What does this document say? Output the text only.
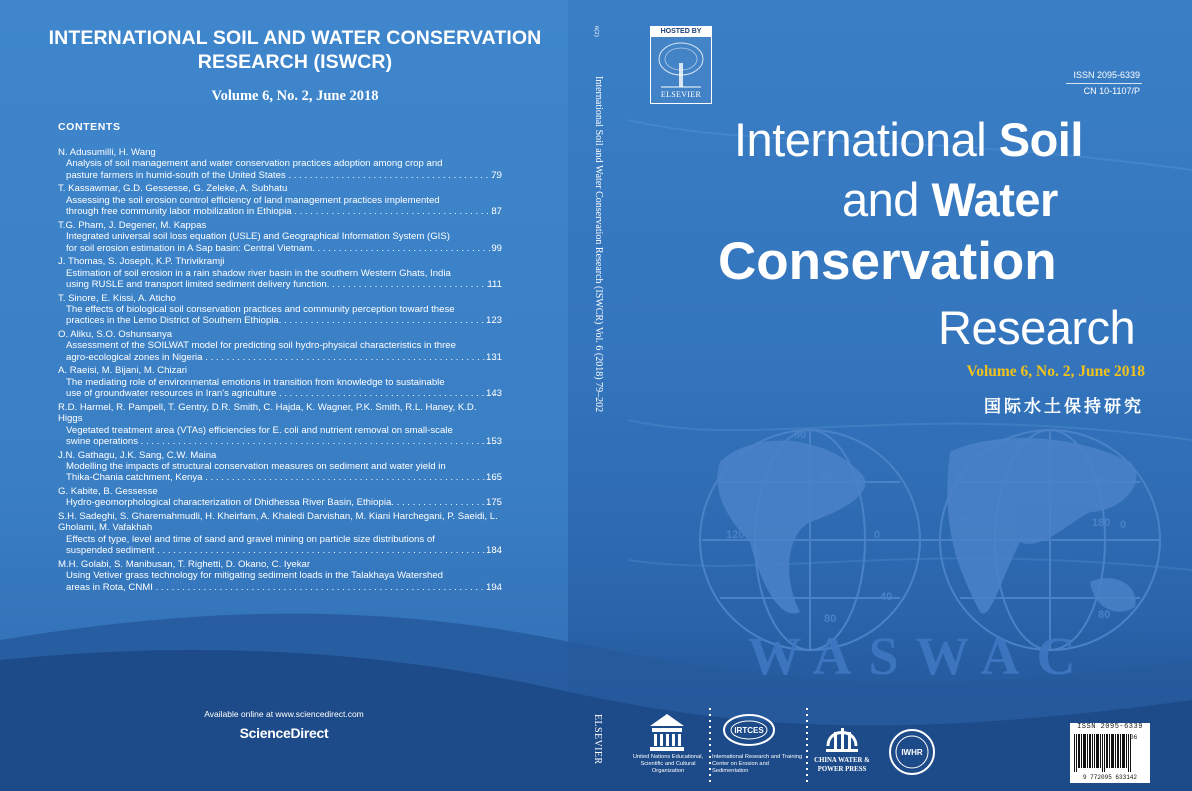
INTERNATIONAL SOIL AND WATER CONSERVATION RESEARCH (ISWCR)
Volume 6, No. 2, June 2018
CONTENTS
N. Adusumilli, H. Wang
Analysis of soil management and water conservation practices adoption among crop and
pasture farmers in humid-south of the United States . . .	79
T. Kassawmar, G.D. Gessesse, G. Zeleke, A. Subhatu
Assessing the soil erosion control efficiency of land management practices implemented
through free community labor mobilization in Ethiopia . . .	87
T.G. Pham, J. Degener, M. Kappas
Integrated universal soil loss equation (USLE) and Geographical Information System (GIS)
for soil erosion estimation in A Sap basin: Central Vietnam. . . .	99
J. Thomas, S. Joseph, K.P. Thrivikramji
Estimation of soil erosion in a rain shadow river basin in the southern Western Ghats, India
using RUSLE and transport limited sediment delivery function. . . .	111
T. Sinore, E. Kissi, A. Aticho
The effects of biological soil conservation practices and community perception toward these
practices in the Lemo District of Southern Ethiopia. . . .	123
O. Aliku, S.O. Oshunsanya
Assessment of the SOILWAT model for predicting soil hydro-physical characteristics in three
agro-ecological zones in Nigeria . . .	131
A. Raeisi, M. Bijani, M. Chizari
The mediating role of environmental emotions in transition from knowledge to sustainable
use of groundwater resources in Iran's agriculture . . .	143
R.D. Harmel, R. Pampell, T. Gentry, D.R. Smith, C. Hajda, K. Wagner, P.K. Smith, R.L. Haney, K.D. Higgs
Vegetated treatment area (VTAs) efficiencies for E. coli and nutrient removal on small-scale
swine operations . . .	153
J.N. Gathagu, J.K. Sang, C.W. Maina
Modelling the impacts of structural conservation measures on sediment and water yield in
Thika-Chania catchment, Kenya . . .	165
G. Kabite, B. Gessesse
Hydro-geomorphological characterization of Dhidhessa River Basin, Ethiopia. . . .	175
S.H. Sadeghi, S. Gharemahmudli, H. Kheirfam, A. Khaledi Darvishan, M. Kiani Harchegani, P. Saeidi, L. Gholami, M. Vafakhah
Effects of type, level and time of sand and gravel mining on particle size distributions of
suspended sediment . . .	184
M.H. Golabi, S. Manibusan, T. Righetti, D. Okano, C. Iyekar
Using Vetiver grass technology for mitigating sediment loads in the Talakhaya Watershed
areas in Rota, CNMI . . .	194
Available online at www.sciencedirect.com
ScienceDirect
6(2)
International Soil and Water Conservation Research (ISWCR) Vol. 6 (2018) 79–202
ELSEVIER
HOSTED BY
ELSEVIER
ISSN 2095-6339
CN 10-1107/P
International Soil
and Water
Conservation
Research
Volume 6, No. 2, June 2018
国际水土保持研究
80
40	40
120	0
80	180 0
40
80	80
WASWAC
United Nations Educational, Scientific and Cultural Organization
IRTCES
International Research and Training Center on Erosion and Sedimentation
CHINA WATER & POWER PRESS
IWHR
ISSN 2095-6339
06
9 772095 633142
